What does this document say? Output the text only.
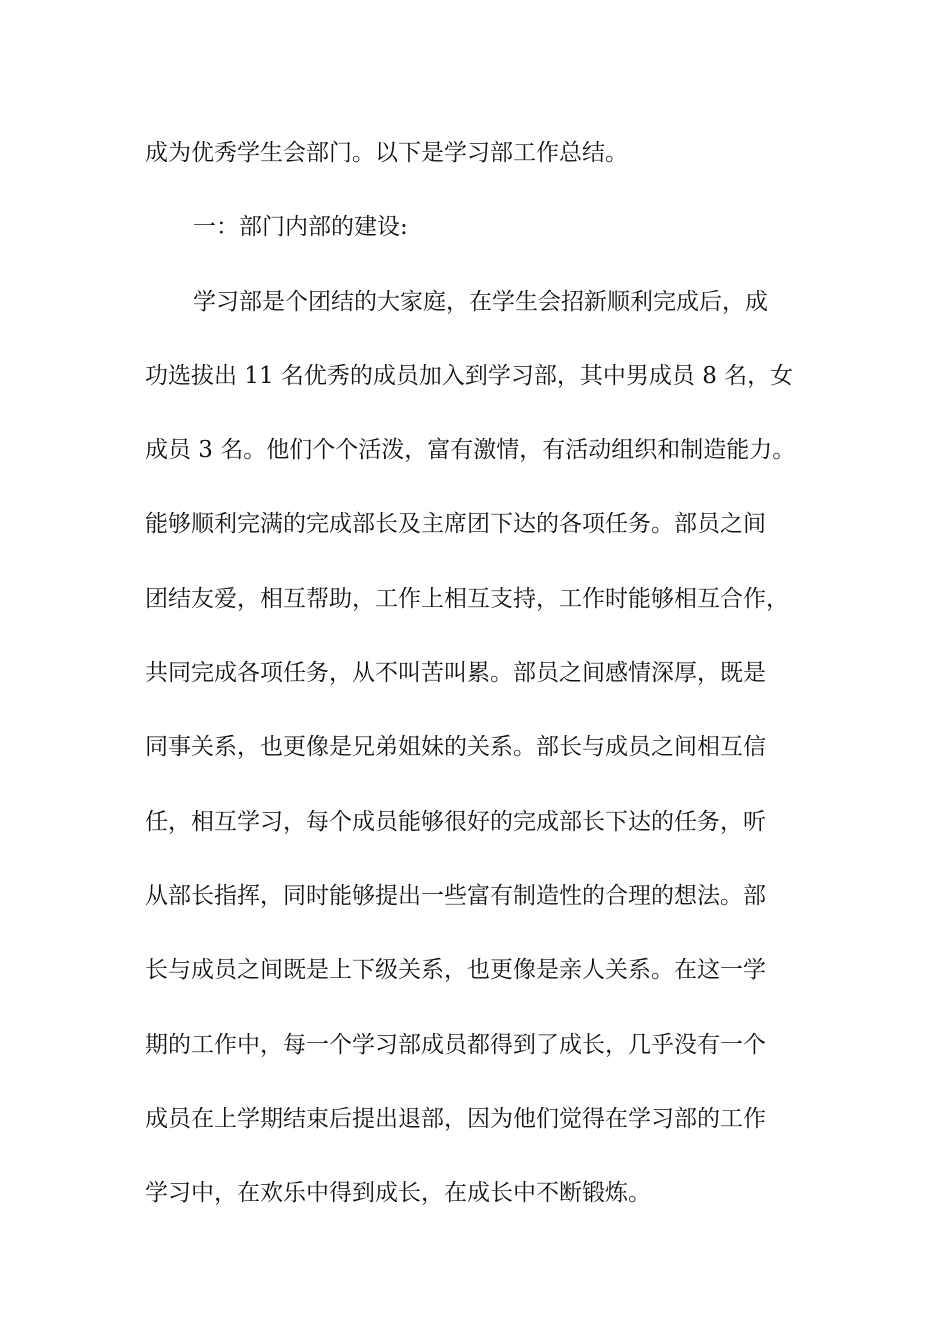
成为优秀学生会部门。以下是学习部工作总结。
一：部门内部的建设:
学习部是个团结的大家庭，在学生会招新顺利完成后，成
功选拔出 11 名优秀的成员加入到学习部，其中男成员 8 名，女
成员 3 名。他们个个活泼，富有激情，有活动组织和制造能力。
能够顺利完满的完成部长及主席团下达的各项任务。部员之间
团结友爱，相互帮助，工作上相互支持，工作时能够相互合作，
共同完成各项任务，从不叫苦叫累。部员之间感情深厚，既是
同事关系，也更像是兄弟姐妹的关系。部长与成员之间相互信
任，相互学习，每个成员能够很好的完成部长下达的任务，听
从部长指挥，同时能够提出一些富有制造性的合理的想法。部
长与成员之间既是上下级关系，也更像是亲人关系。在这一学
期的工作中，每一个学习部成员都得到了成长，几乎没有一个
成员在上学期结束后提出退部，因为他们觉得在学习部的工作
学习中，在欢乐中得到成长，在成长中不断锻炼。
